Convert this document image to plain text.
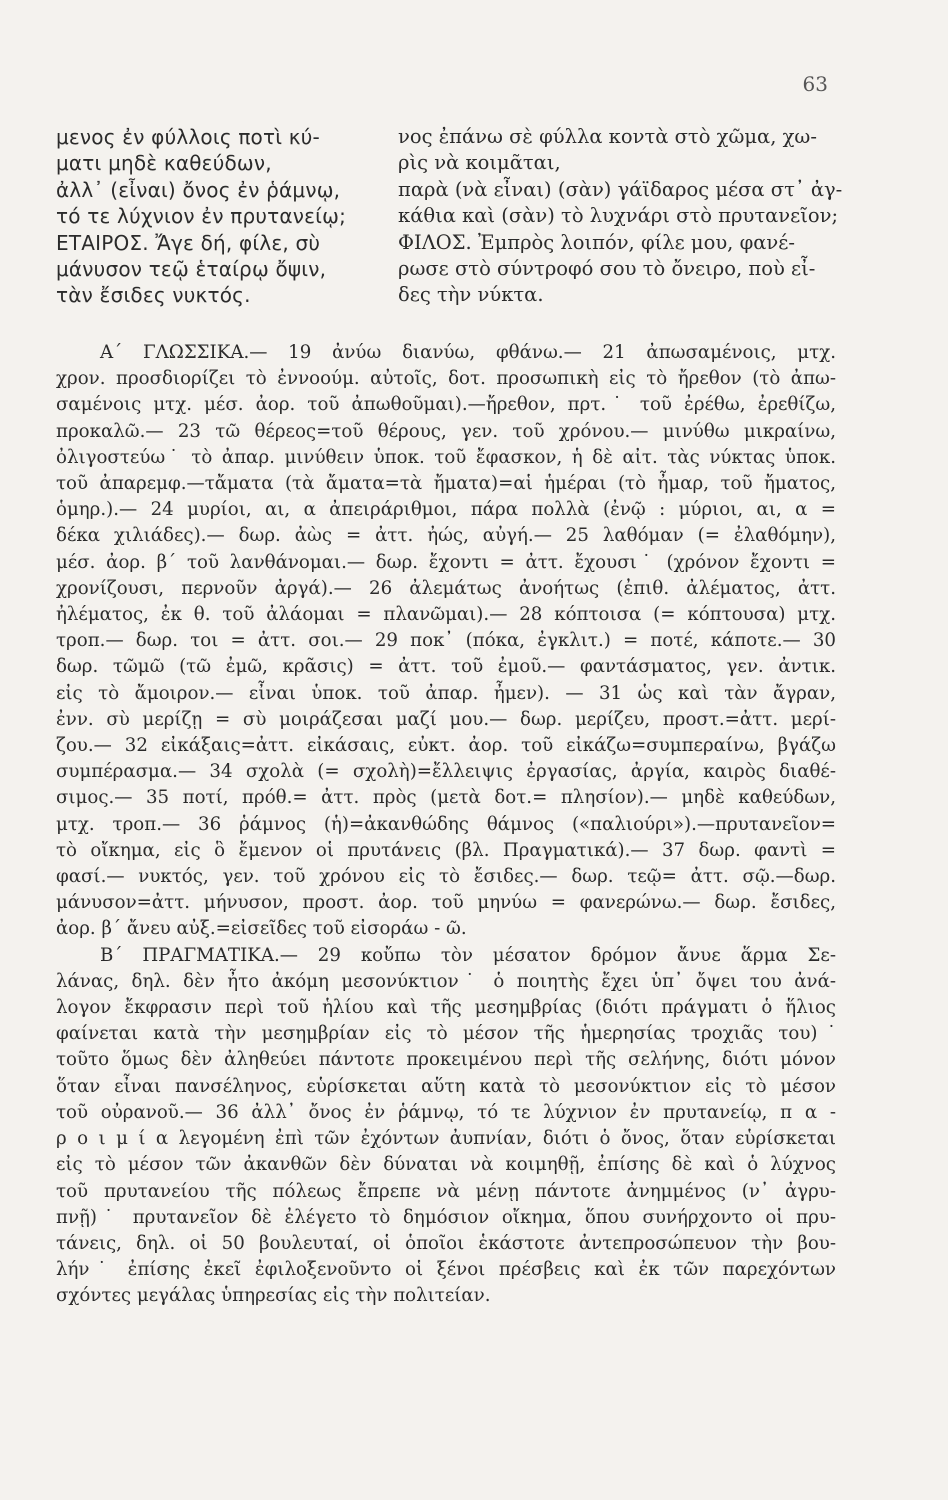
63
μενος ἐν φύλλοις ποτὶ κύ-
ματι μηδὲ καθεύδων,
ἀλλ᾽ (εἶναι) ὄνος ἐν ῥάμνῳ,
τό τε λύχνιον ἐν πρυτανείῳ;
ΕΤΑΙΡΟΣ. Ἄγε δή, φίλε, σὺ
μάνυσον τεῷ ἑταίρῳ ὄψιν,
τὰν ἔσιδες νυκτός.
νος ἐπάνω σὲ φύλλα κοντὰ στὸ χῶμα, χω-
ρὶς νὰ κοιμᾶται,
παρὰ (νὰ εἶναι) (σὰν) γάϊδαρος μέσα στ᾽ ἀγ-
κάθια καὶ (σὰν) τὸ λυχνάρι στὸ πρυτανεῖον;
ΦΙΛΟΣ. Ἐμπρὸς λοιπόν, φίλε μου, φανέ-
ρωσε στὸ σύντροφό σου τὸ ὄνειρο, ποὺ εἶ-
δες τὴν νύκτα.
Α΄ ΓΛΩΣΣΙΚΑ.— 19 ἀνύω διανύω, φθάνω.— 21 ἀπωσαμένοις, μτχ.
χρον. προσδιορίζει τὸ ἐννοούμ. αὐτοῖς, δοτ. προσωπικὴ εἰς τὸ ἤρεθον (τὸ ἀπω-
σαμένοις μτχ. μέσ. ἀορ. τοῦ ἀπωθοῦμαι).—ἤρεθον, πρτ.˙ τοῦ ἐρέθω, ἐρεθίζω,
προκαλῶ.— 23 τῶ θέρεος=τοῦ θέρους, γεν. τοῦ χρόνου.— μινύθω μικραίνω,
ὀλιγοστεύω˙ τὸ ἀπαρ. μινύθειν ὑποκ. τοῦ ἔφασκον, ἡ δὲ αἰτ. τὰς νύκτας ὑποκ.
τοῦ ἀπαρεμφ.—τἄματα (τὰ ἄματα=τὰ ἤματα)=αἱ ἡμέραι (τὸ ἦμαρ, τοῦ ἤματος,
ὁμηρ.).— 24 μυρίοι, αι, α ἀπειράριθμοι, πάρα πολλὰ (ἐνῷ : μύριοι, αι, α =
δέκα χιλιάδες).— δωρ. ἀὼς = ἀττ. ἠώς, αὐγή.— 25 λαθόμαν (= ἐλαθόμην),
μέσ. ἀορ. β΄ τοῦ λανθάνομαι.— δωρ. ἔχοντι = ἀττ. ἔχουσι˙ (χρόνον ἔχοντι =
χρονίζουσι, περνοῦν ἀργά).— 26 ἀλεμάτως ἀνοήτως (ἐπιθ. ἀλέματος, ἀττ.
ἠλέματος, ἐκ θ. τοῦ ἀλάομαι = πλανῶμαι).— 28 κόπτοισα (= κόπτουσα) μτχ.
τροπ.— δωρ. τοι = ἀττ. σοι.— 29 ποκ᾽ (πόκα, ἐγκλιτ.) = ποτέ, κάποτε.— 30
δωρ. τῶμῶ (τῶ ἐμῶ, κρᾶσις) = ἀττ. τοῦ ἐμοῦ.— φαντάσματος, γεν. ἀντικ.
εἰς τὸ ἄμοιρον.— εἶναι ὑποκ. τοῦ ἀπαρ. ἦμεν). — 31 ὡς καὶ τὰν ἄγραν,
ἐνν. σὺ μερίζῃ = σὺ μοιράζεσαι μαζί μου.— δωρ. μερίζευ, προστ.=ἀττ. μερί-
ζου.— 32 εἰκάξαις=ἀττ. εἰκάσαις, εὐκτ. ἀορ. τοῦ εἰκάζω=συμπεραίνω, βγάζω
συμπέρασμα.— 34 σχολὰ (= σχολὴ)=ἔλλειψις ἐργασίας, ἀργία, καιρὸς διαθέ-
σιμος.— 35 ποτί, πρόθ.= ἀττ. πρὸς (μετὰ δοτ.= πλησίον).— μηδὲ καθεύδων,
μτχ. τροπ.— 36 ῥάμνος (ἡ)=ἀκανθώδης θάμνος («παλιούρι»).—πρυτανεῖον=
τὸ οἴκημα, εἰς ὃ ἔμενον οἱ πρυτάνεις (βλ. Πραγματικά).— 37 δωρ. φαντὶ =
φασί.— νυκτός, γεν. τοῦ χρόνου εἰς τὸ ἔσιδες.— δωρ. τεῷ= ἀττ. σῷ.—δωρ.
μάνυσον=ἀττ. μήνυσον, προστ. ἀορ. τοῦ μηνύω = φανερώνω.— δωρ. ἔσιδες,
ἀορ. β΄ ἄνευ αὐξ.=εἰσεῖδες τοῦ εἰσοράω - ῶ.
Β΄ ΠΡΑΓΜΑΤΙΚΑ.— 29 κοὔπω τὸν μέσατον δρόμον ἄνυε ἅρμα Σε-
λάνας, δηλ. δὲν ἦτο ἀκόμη μεσονύκτιον˙ ὁ ποιητὴς ἔχει ὑπ᾽ ὄψει του ἀνά-
λογον ἔκφρασιν περὶ τοῦ ἡλίου καὶ τῆς μεσημβρίας (διότι πράγματι ὁ ἥλιος
φαίνεται κατὰ τὴν μεσημβρίαν εἰς τὸ μέσον τῆς ἡμερησίας τροχιᾶς του)˙
τοῦτο ὅμως δὲν ἀληθεύει πάντοτε προκειμένου περὶ τῆς σελήνης, διότι μόνον
ὅταν εἶναι πανσέληνος, εὑρίσκεται αὕτη κατὰ τὸ μεσονύκτιον εἰς τὸ μέσον
τοῦ οὐρανοῦ.— 36 ἀλλ᾽ ὄνος ἐν ῥάμνῳ, τό τε λύχνιον ἐν πρυτανείῳ, π α -
ρ ο ι μ ί α λεγομένη ἐπὶ τῶν ἐχόντων ἀυπνίαν, διότι ὁ ὄνος, ὅταν εὑρίσκεται
εἰς τὸ μέσον τῶν ἀκανθῶν δὲν δύναται νὰ κοιμηθῇ, ἐπίσης δὲ καὶ ὁ λύχνος
τοῦ πρυτανείου τῆς πόλεως ἔπρεπε νὰ μένῃ πάντοτε ἀνημμένος (ν᾽ ἀγρυ-
πνῇ)˙ πρυτανεῖον δὲ ἐλέγετο τὸ δημόσιον οἴκημα, ὅπου συνήρχοντο οἱ πρυ-
τάνεις, δηλ. οἱ 50 βουλευταί, οἱ ὁποῖοι ἑκάστοτε ἀντεπροσώπευον τὴν βου-
λήν˙ ἐπίσης ἐκεῖ ἐφιλοξενοῦντο οἱ ξένοι πρέσβεις καὶ ἐκ τῶν παρεχόντων
σχόντες μεγάλας ὑπηρεσίας εἰς τὴν πολιτείαν.
